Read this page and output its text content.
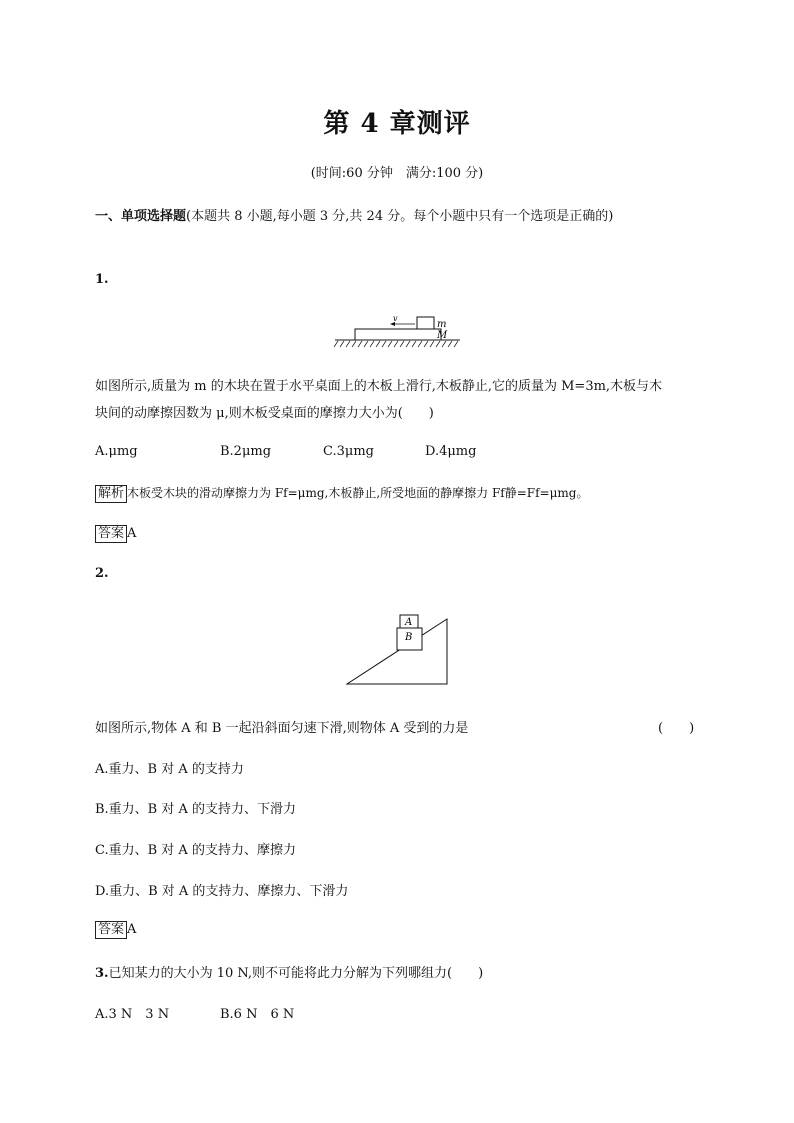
第 4 章测评
(时间:60 分钟　满分:100 分)
一、单项选择题(本题共 8 小题,每小题 3 分,共 24 分。每个小题中只有一个选项是正确的)
1.
v
m
M
如图所示,质量为 m 的木块在置于水平桌面上的木板上滑行,木板静止,它的质量为 M=3m,木板与木
块间的动摩擦因数为 μ,则木板受桌面的摩擦力大小为(　　)
A.μmg	B.2μmg	C.3μmg	D.4μmg
解析 木板受木块的滑动摩擦力为 Ff=μmg,木板静止,所受地面的静摩擦力 Ff静=Ff=μmg。
答案 A
2.
A
B
如图所示,物体 A 和 B 一起沿斜面匀速下滑,则物体 A 受到的力是	(　　)
A.重力、B 对 A 的支持力
B.重力、B 对 A 的支持力、下滑力
C.重力、B 对 A 的支持力、摩擦力
D.重力、B 对 A 的支持力、摩擦力、下滑力
答案 A
3.已知某力的大小为 10 N,则不可能将此力分解为下列哪组力(　　)
A.3 N　3 N	B.6 N　6 N
